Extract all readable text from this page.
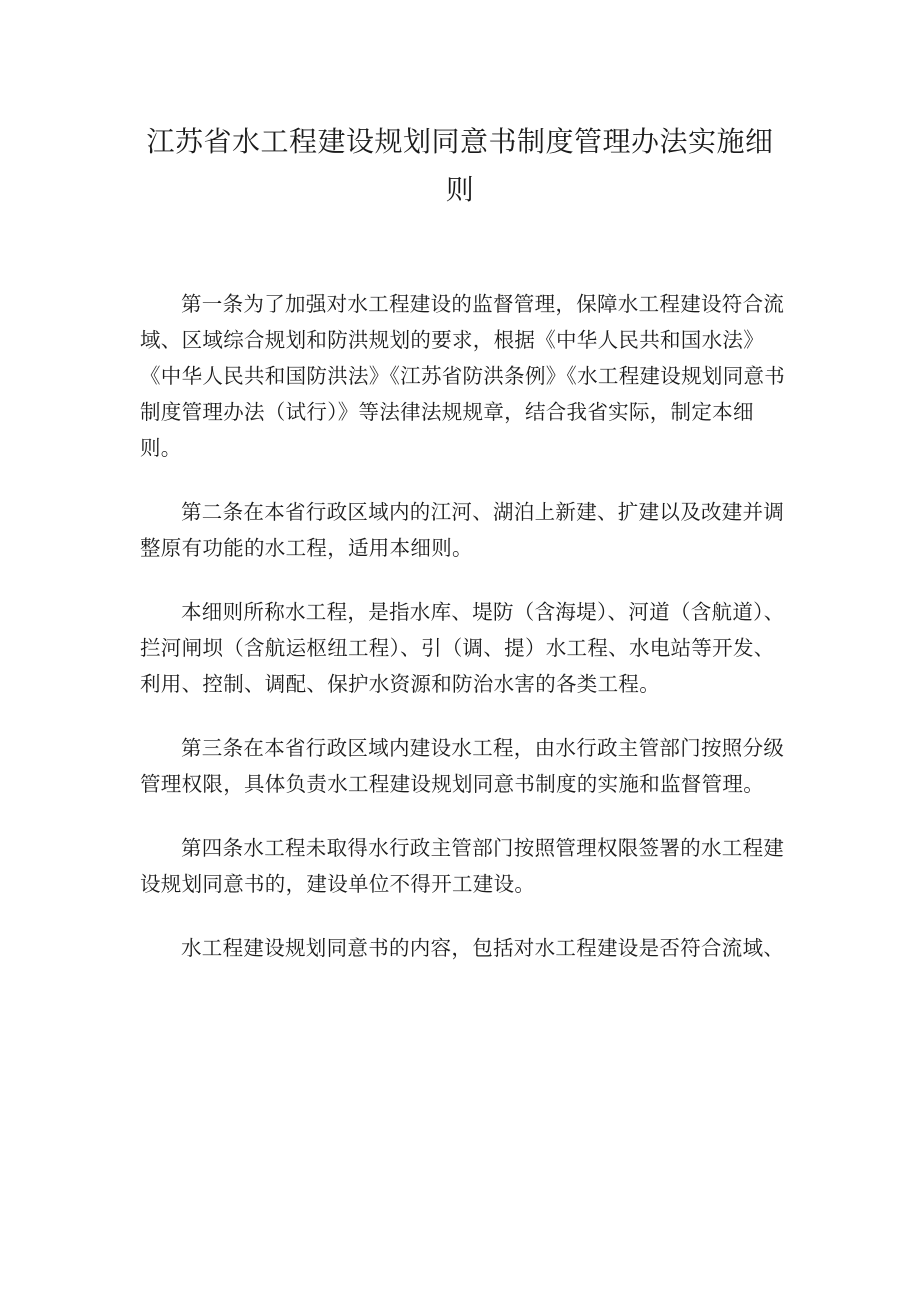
江苏省水工程建设规划同意书制度管理办法实施细则

第一条为了加强对水工程建设的监督管理，保障水工程建设符合流域、区域综合规划和防洪规划的要求，根据《中华人民共和国水法》《中华人民共和国防洪法》《江苏省防洪条例》《水工程建设规划同意书制度管理办法（试行）》等法律法规规章，结合我省实际，制定本细则。

第二条在本省行政区域内的江河、湖泊上新建、扩建以及改建并调整原有功能的水工程，适用本细则。

本细则所称水工程，是指水库、堤防（含海堤）、河道（含航道）、拦河闸坝（含航运枢纽工程）、引（调、提）水工程、水电站等开发、利用、控制、调配、保护水资源和防治水害的各类工程。

第三条在本省行政区域内建设水工程，由水行政主管部门按照分级管理权限，具体负责水工程建设规划同意书制度的实施和监督管理。

第四条水工程未取得水行政主管部门按照管理权限签署的水工程建设规划同意书的，建设单位不得开工建设。

水工程建设规划同意书的内容，包括对水工程建设是否符合流域、
